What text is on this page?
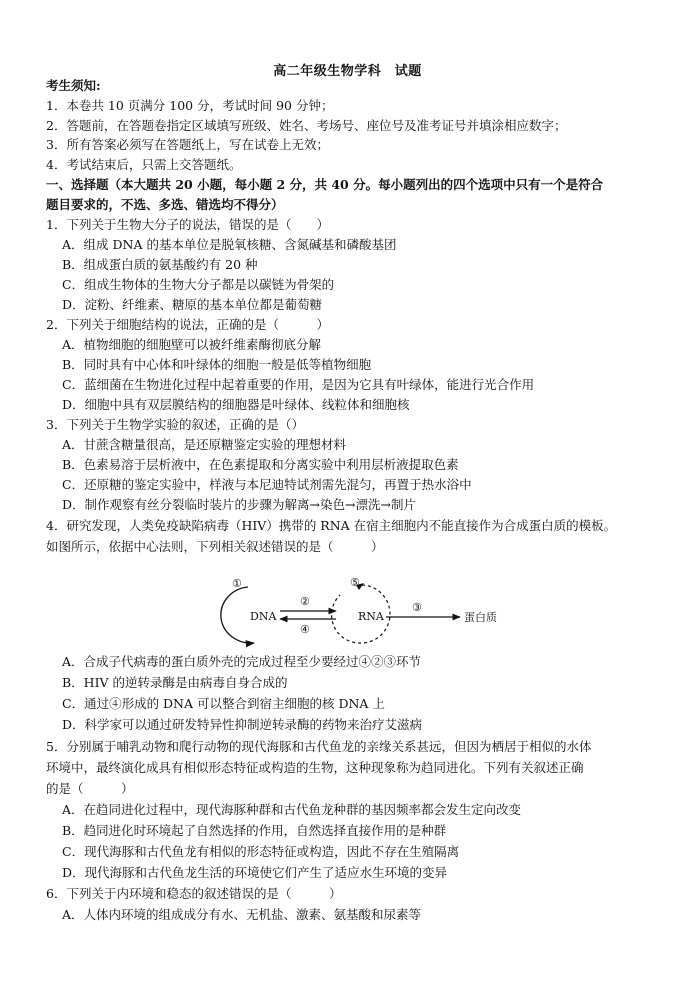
高二年级生物学科　试题
考生须知:
1．本卷共 10 页满分 100 分，考试时间 90 分钟；
2．答题前，在答题卷指定区域填写班级、姓名、考场号、座位号及准考证号并填涂相应数字；
3．所有答案必须写在答题纸上，写在试卷上无效；
4．考试结束后，只需上交答题纸。
一、选择题（本大题共 20 小题，每小题 2 分，共 40 分。每小题列出的四个选项中只有一个是符合
题目要求的，不选、多选、错选均不得分）
1．下列关于生物大分子的说法，错误的是（　　）
A．组成 DNA 的基本单位是脱氧核糖、含氮碱基和磷酸基团
B．组成蛋白质的氨基酸约有 20 种
C．组成生物体的生物大分子都是以碳链为骨架的
D．淀粉、纤维素、糖原的基本单位都是葡萄糖
2．下列关于细胞结构的说法，正确的是（　　　）
A．植物细胞的细胞壁可以被纤维素酶彻底分解
B．同时具有中心体和叶绿体的细胞一般是低等植物细胞
C．蓝细菌在生物进化过程中起着重要的作用，是因为它具有叶绿体，能进行光合作用
D．细胞中具有双层膜结构的细胞器是叶绿体、线粒体和细胞核
3．下列关于生物学实验的叙述，正确的是（）
A．甘蔗含糖量很高，是还原糖鉴定实验的理想材料
B．色素易溶于层析液中，在色素提取和分离实验中利用层析液提取色素
C．还原糖的鉴定实验中，样液与本尼迪特试剂需先混匀，再置于热水浴中
D．制作观察有丝分裂临时装片的步骤为解离→染色→漂洗→制片
4．研究发现，人类免疫缺陷病毒（HIV）携带的 RNA 在宿主细胞内不能直接作为合成蛋白质的模板。
如图所示，依据中心法则，下列相关叙述错误的是（　　　）
①
DNA
②
④
⑤
RNA
③
蛋白质
A．合成子代病毒的蛋白质外壳的完成过程至少要经过④②③环节
B．HIV 的逆转录酶是由病毒自身合成的
C．通过④形成的 DNA 可以整合到宿主细胞的核 DNA 上
D．科学家可以通过研发特异性抑制逆转录酶的药物来治疗艾滋病
5．分别属于哺乳动物和爬行动物的现代海豚和古代鱼龙的亲缘关系甚远，但因为栖居于相似的水体
环境中，最终演化成具有相似形态特征或构造的生物，这种现象称为趋同进化。下列有关叙述正确
的是（　　　）
A．在趋同进化过程中，现代海豚种群和古代鱼龙种群的基因频率都会发生定向改变
B．趋同进化时环境起了自然选择的作用，自然选择直接作用的是种群
C．现代海豚和古代鱼龙有相似的形态特征或构造，因此不存在生殖隔离
D．现代海豚和古代鱼龙生活的环境使它们产生了适应水生环境的变异
6．下列关于内环境和稳态的叙述错误的是（　　　）
A．人体内环境的组成成分有水、无机盐、激素、氨基酸和尿素等
